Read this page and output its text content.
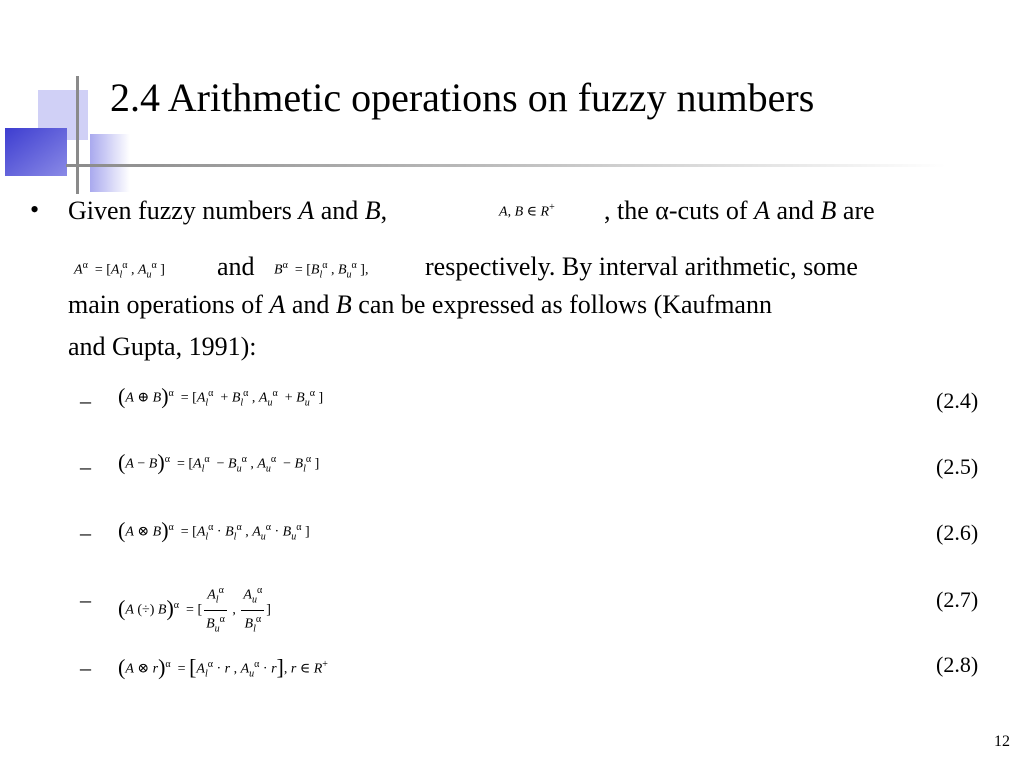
2.4 Arithmetic operations on fuzzy numbers
• Given fuzzy numbers A and B,	A, B ∈ R+ , the α-cuts of A and B are
$A^\alpha = [A_l^\alpha$ , $A_u^\alpha$ ] and $B^\alpha = [B_l^\alpha$ , $B_u^\alpha$ ], respectively. By interval arithmetic, some
main operations of A and B can be expressed as follows (Kaufmann
and Gupta, 1991):
– (A ⊕ $B)^\alpha = [A_l^\alpha + B_l^\alpha$ , $A_u^\alpha + B_u^\alpha$ ]	(2.4)
– $(A - B)^\alpha = [A_l^\alpha - B_u^\alpha$ , $A_u^\alpha - B_l^\alpha$ ]	(2.5)
– (A ⊗ $B)^\alpha = [A_l^\alpha \cdot B_l^\alpha$ , $A_u^\alpha \cdot B_u^\alpha$ ]	(2.6)
– (A (÷) B)$^\alpha$  = [ $\frac{A_l^\alpha}{B_u^\alpha}$ , $\frac{A_u^\alpha}{B_l^\alpha}$ ]	(2.7)
– (A ⊗ $r)^\alpha = [A_l^\alpha \cdot r$ , $A_u^\alpha \cdot r$], r ∈ R+	(2.8)
12
